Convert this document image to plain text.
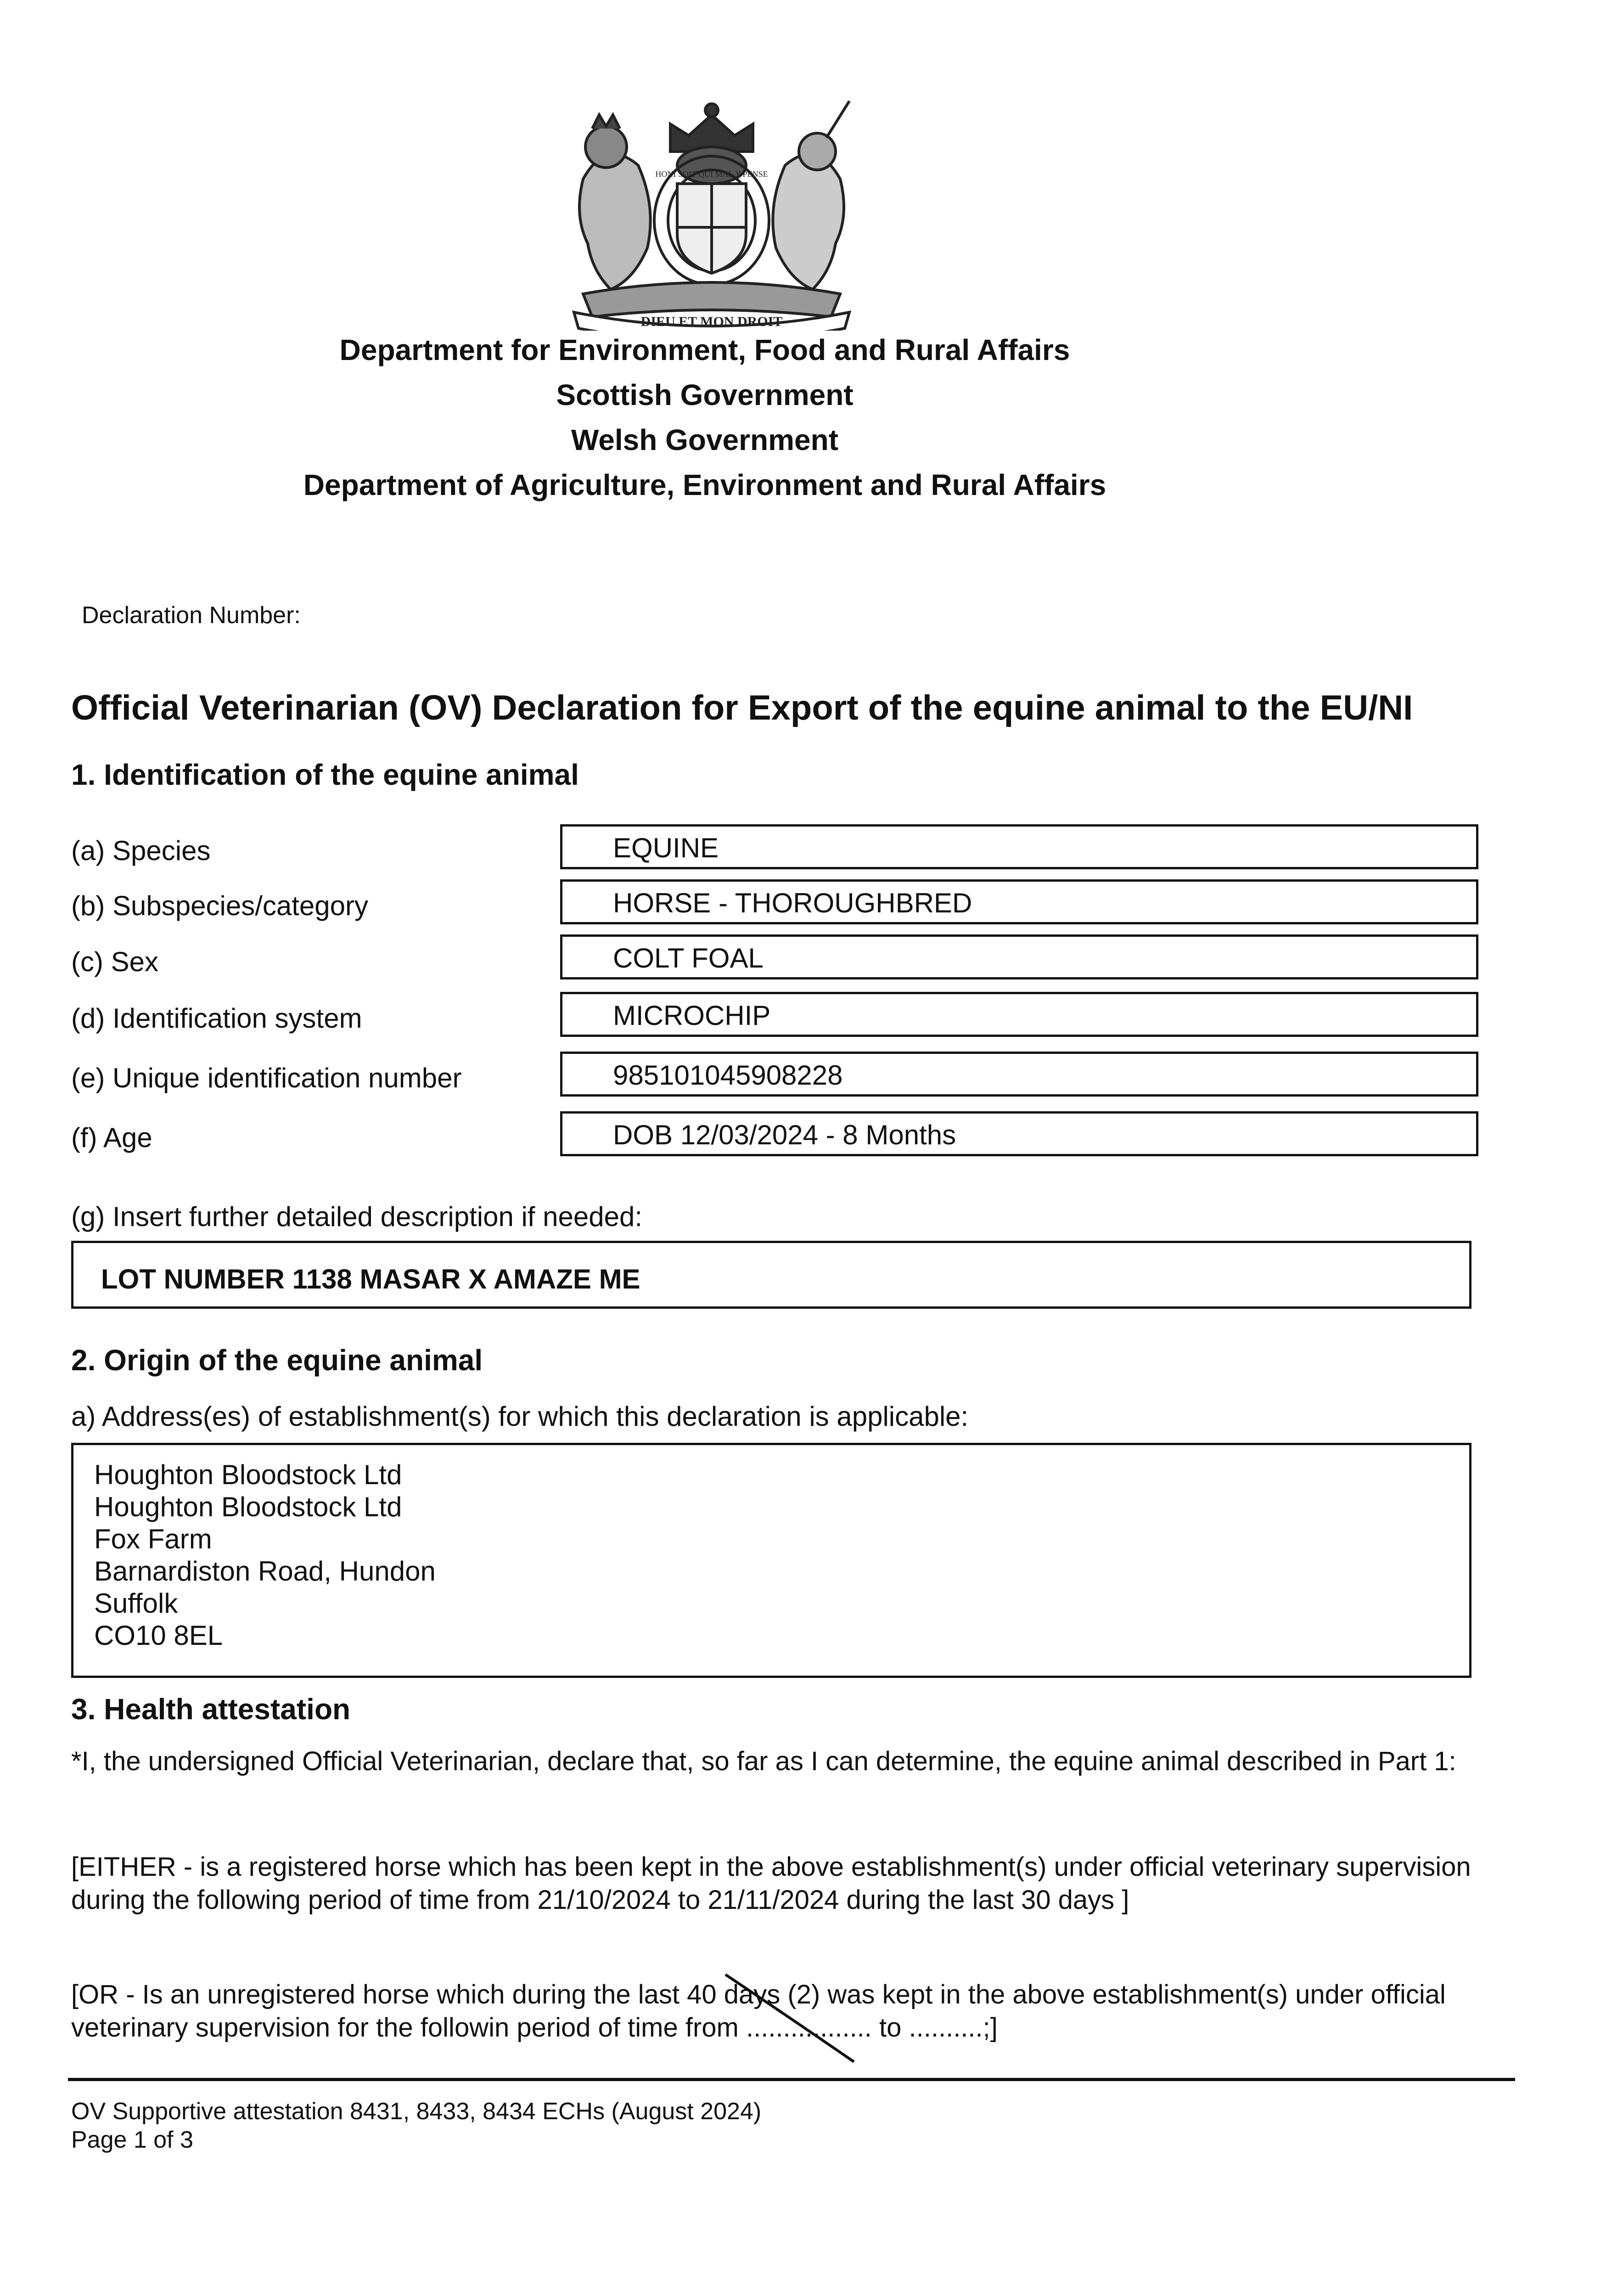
DIEU ET MON DROIT
HONI SOIT QUI MAL Y PENSE
Department for Environment, Food and Rural Affairs
Scottish Government
Welsh Government
Department of Agriculture, Environment and Rural Affairs
Declaration Number:
Official Veterinarian (OV) Declaration for Export of the equine animal to the EU/NI
1. Identification of the equine animal
(a) Species	EQUINE
(b) Subspecies/category	HORSE - THOROUGHBRED
(c) Sex	COLT FOAL
(d) Identification system	MICROCHIP
(e) Unique identification number	985101045908228
(f) Age	DOB 12/03/2024 - 8 Months
(g) Insert further detailed description if needed:
LOT NUMBER 1138 MASAR X AMAZE ME
2. Origin of the equine animal
a) Address(es) of establishment(s) for which this declaration is applicable:
Houghton Bloodstock Ltd
Houghton Bloodstock Ltd
Fox Farm
Barnardiston Road, Hundon
Suffolk
CO10 8EL
3. Health attestation
*I, the undersigned Official Veterinarian, declare that, so far as I can determine, the equine animal described in Part 1:
[EITHER - is a registered horse which has been kept in the above establishment(s) under official veterinary supervision during the following period of time from 21/10/2024 to 21/11/2024 during the last 30 days ]
[OR - Is an unregistered horse which during the last 40 days (2) was kept in the above establishment(s) under official veterinary supervision for the followin period of time from ................. to ..........;]
OV Supportive attestation 8431, 8433, 8434 ECHs (August 2024)
Page 1 of 3
